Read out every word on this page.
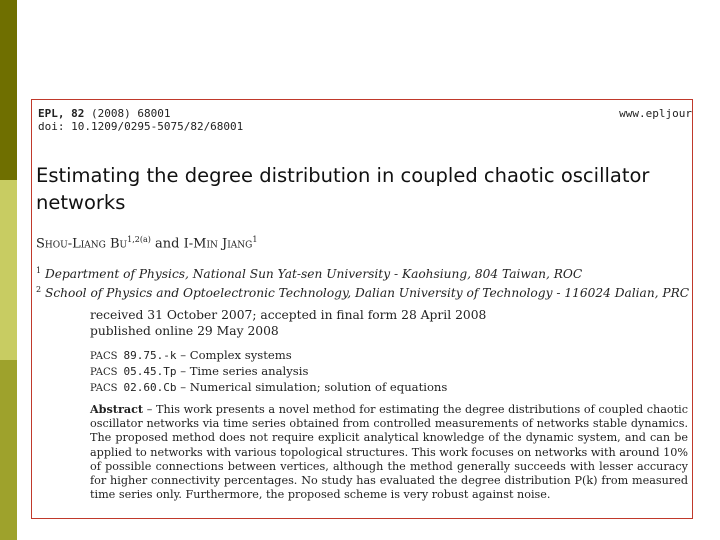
EPL, 82 (2008) 68001
doi: 10.1209/0295-5075/82/68001
www.epljour
Estimating the degree distribution in coupled chaotic oscillator networks
Shou-Liang $Bu^{1,2(a)}$ and I-Min Jiang$^1$
$^1$ Department of Physics, National Sun Yat-sen University - Kaohsiung, 804 Taiwan, ROC
$^2$ School of Physics and Optoelectronic Technology, Dalian University of Technology - 116024 Dalian, PRC
received 31 October 2007; accepted in final form 28 April 2008
published online 29 May 2008
PACS 89.75.-k – Complex systems
PACS 05.45.Tp – Time series analysis
PACS 02.60.Cb – Numerical simulation; solution of equations
Abstract – This work presents a novel method for estimating the degree distributions of coupled chaotic oscillator networks via time series obtained from controlled measurements of networks stable dynamics. The proposed method does not require explicit analytical knowledge of the dynamic system, and can be applied to networks with various topological structures. This work focuses on networks with around 10% of possible connections between vertices, although the method generally succeeds with lesser accuracy for higher connectivity percentages. No study has evaluated the degree distribution P(k) from measured time series only. Furthermore, the proposed scheme is very robust against noise.
